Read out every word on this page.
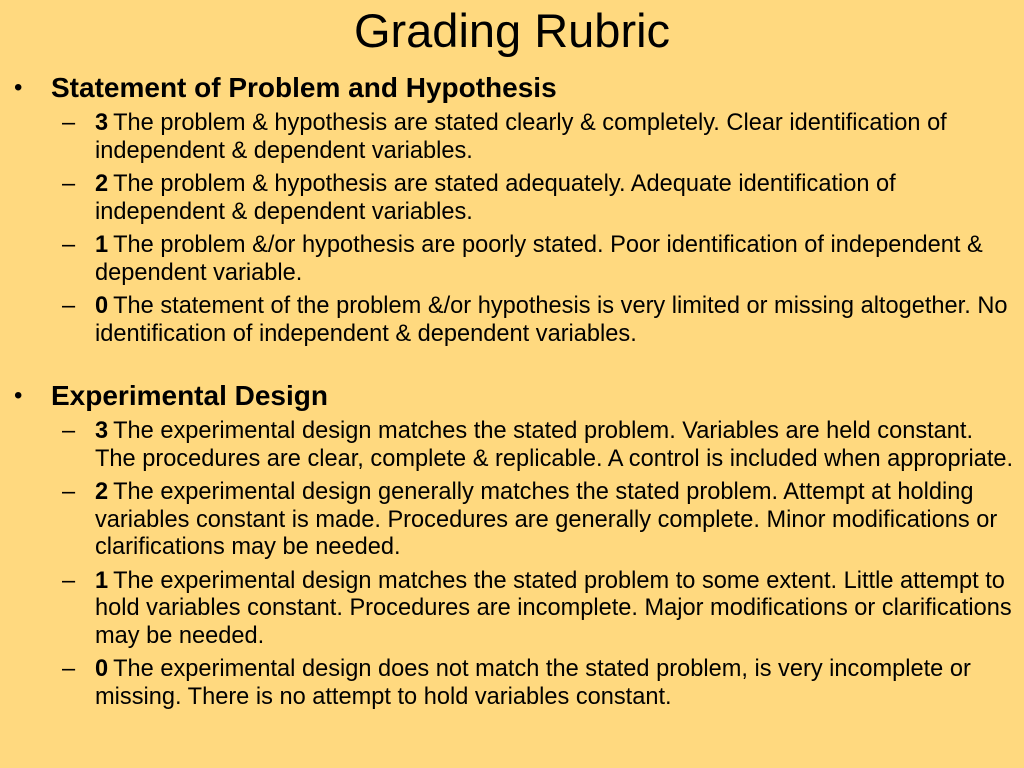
Grading Rubric
• Statement of Problem and Hypothesis
– 3 The problem & hypothesis are stated clearly & completely. Clear identification of independent & dependent variables.
– 2 The problem & hypothesis are stated adequately. Adequate identification of independent & dependent variables.
– 1 The problem &/or hypothesis are poorly stated. Poor identification of independent & dependent variable.
– 0 The statement of the problem &/or hypothesis is very limited or missing altogether. No identification of independent & dependent variables.
• Experimental Design
– 3 The experimental design matches the stated problem. Variables are held constant. The procedures are clear, complete & replicable. A control is included when appropriate.
– 2 The experimental design generally matches the stated problem. Attempt at holding variables constant is made. Procedures are generally complete. Minor modifications or clarifications may be needed.
– 1 The experimental design matches the stated problem to some extent. Little attempt to hold variables constant. Procedures are incomplete. Major modifications or clarifications may be needed.
– 0 The experimental design does not match the stated problem, is very incomplete or missing. There is no attempt to hold variables constant.
